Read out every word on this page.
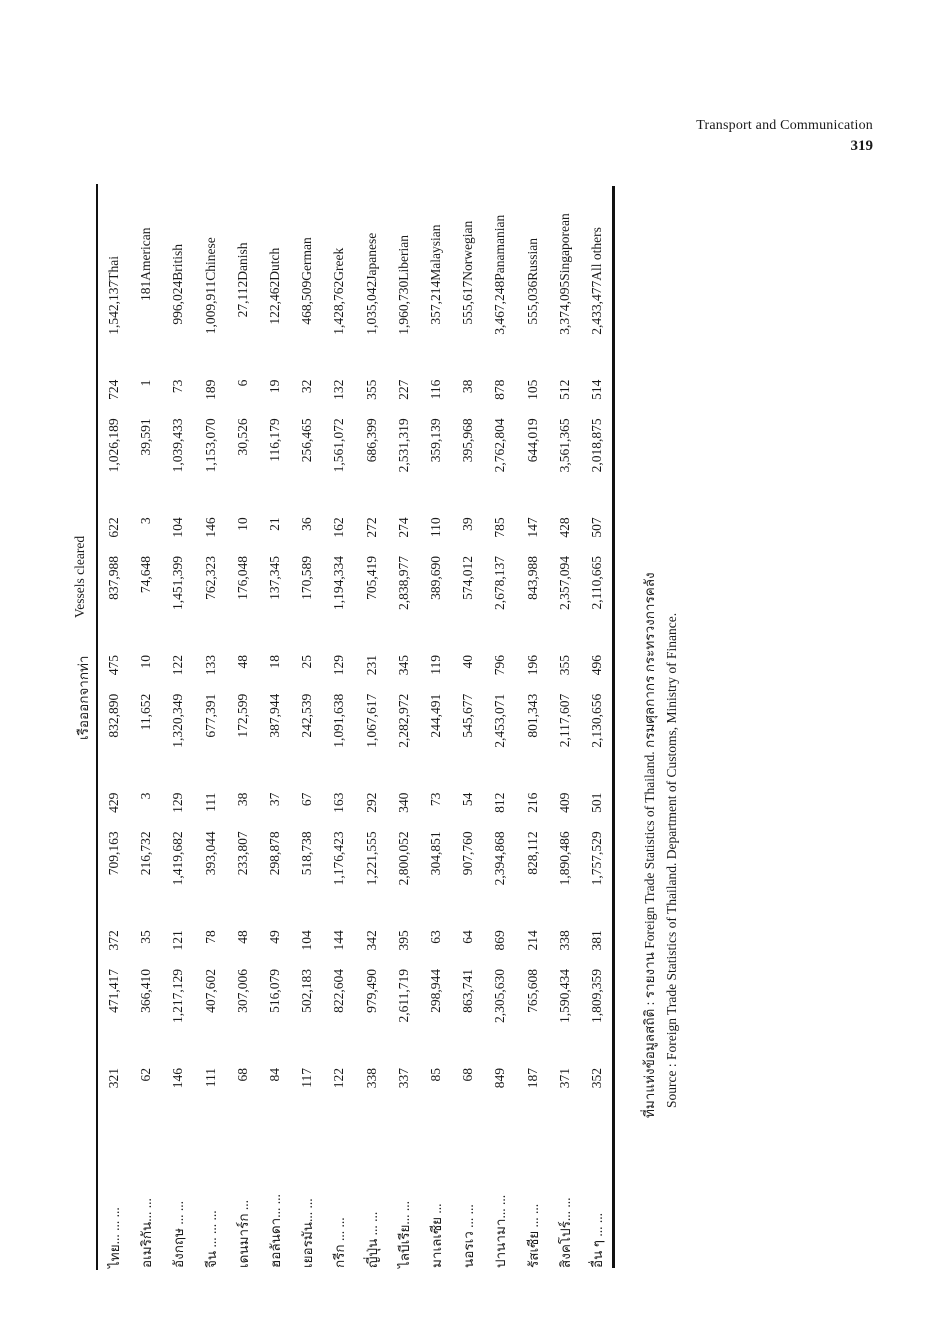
Transport and Communication
319
เรือออกจากท่า
Vessels cleared
ไทย... ... ...	321	471,417	372	709,163	429	832,890	475	837,988	622	1,026,189	724	1,542,137	Thai
อเมริกัน... ...	62	366,410	35	216,732	3	11,652	10	74,648	3	39,591	1	181	American
อังกฤษ ... ...	146	1,217,129	121	1,419,682	129	1,320,349	122	1,451,399	104	1,039,433	73	996,024	British
จีน ... ... ...	111	407,602	78	393,044	111	677,391	133	762,323	146	1,153,070	189	1,009,911	Chinese
เดนมาร์ก ...	68	307,006	48	233,807	38	172,599	48	176,048	10	30,526	6	27,112	Danish
ฮอลันดา... ...	84	516,079	49	298,878	37	387,944	18	137,345	21	116,179	19	122,462	Dutch
เยอรมัน... ...	117	502,183	104	518,738	67	242,539	25	170,589	36	256,465	32	468,509	German
กรีก ... ...	122	822,604	144	1,176,423	163	1,091,638	129	1,194,334	162	1,561,072	132	1,428,762	Greek
ญี่ปุ่น ... ...	338	979,490	342	1,221,555	292	1,067,617	231	705,419	272	686,399	355	1,035,042	Japanese
ไลบีเรีย... ...	337	2,611,719	395	2,800,052	340	2,282,972	345	2,838,977	274	2,531,319	227	1,960,730	Liberian
มาเลเซีย ...	85	298,944	63	304,851	73	244,491	119	389,690	110	359,139	116	357,214	Malaysian
นอรเว ... ...	68	863,741	64	907,760	54	545,677	40	574,012	39	395,968	38	555,617	Norwegian
ปานามา... ...	849	2,305,630	869	2,394,868	812	2,453,071	796	2,678,137	785	2,762,804	878	3,467,248	Panamanian
รัสเซีย ... ...	187	765,608	214	828,112	216	801,343	196	843,988	147	644,019	105	555,036	Russian
สิงคโปร์... ...	371	1,590,434	338	1,890,486	409	2,117,607	355	2,357,094	428	3,561,365	512	3,374,095	Singaporean
อื่น ๆ ... ...	352	1,809,359	381	1,757,529	501	2,130,656	496	2,110,665	507	2,018,875	514	2,433,477	All others
ที่มาแห่งข้อมูลสถิติ : รายงาน Foreign Trade Statistics of Thailand. กรมศุลกากร กระทรวงการคลัง Source : Foreign Trade Statistics of Thailand. Department of Customs, Ministry of Finance.
